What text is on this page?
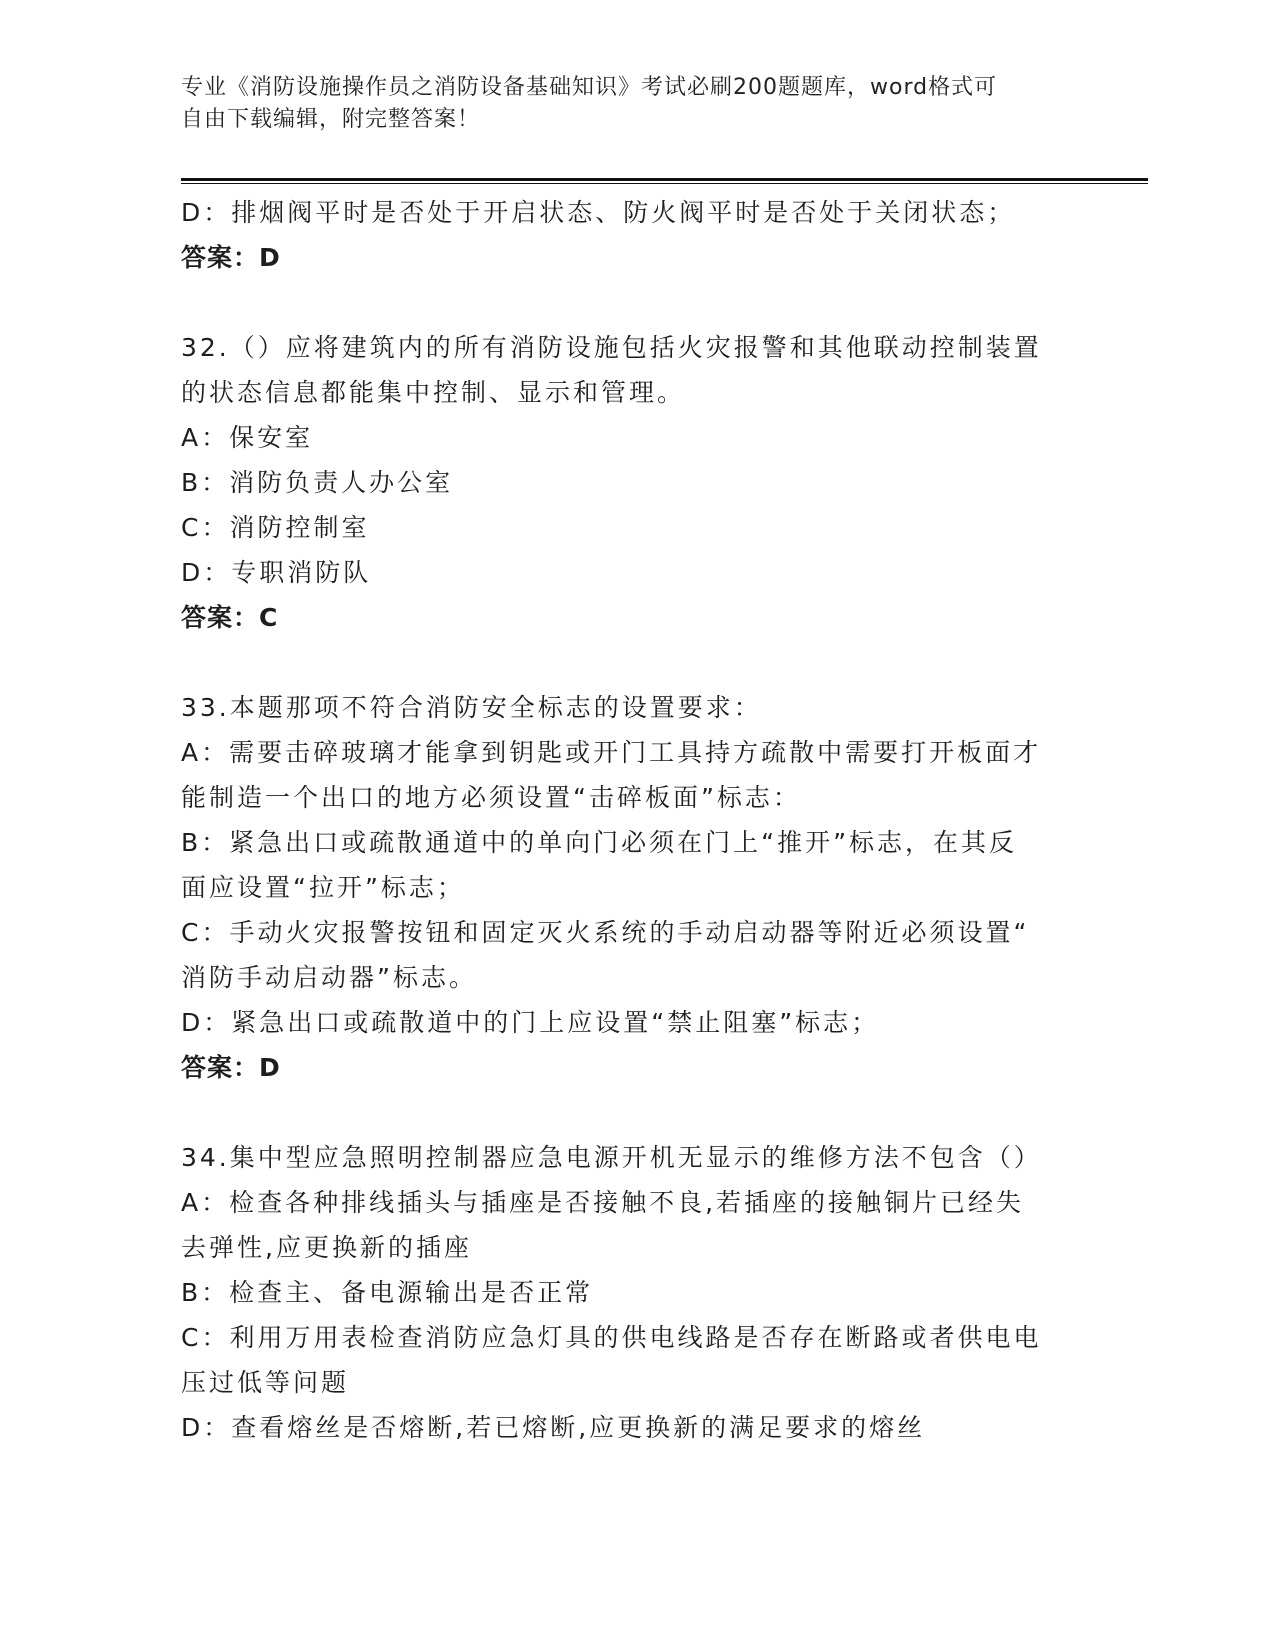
专业《消防设施操作员之消防设备基础知识》考试必刷200题题库，word格式可
自由下载编辑，附完整答案！

D：排烟阀平时是否处于开启状态、防火阀平时是否处于关闭状态；

答案：D

32.（）应将建筑内的所有消防设施包括火灾报警和其他联动控制装置

的状态信息都能集中控制、显示和管理。

A：保安室

B：消防负责人办公室

C：消防控制室

D：专职消防队

答案：C

33.本题那项不符合消防安全标志的设置要求：

A：需要击碎玻璃才能拿到钥匙或开门工具持方疏散中需要打开板面才

能制造一个出口的地方必须设置“击碎板面”标志：

B：紧急出口或疏散通道中的单向门必须在门上“推开”标志，在其反

面应设置“拉开”标志；

C：手动火灾报警按钮和固定灭火系统的手动启动器等附近必须设置“

消防手动启动器”标志。

D：紧急出口或疏散道中的门上应设置“禁止阻塞”标志；

答案：D

34.集中型应急照明控制器应急电源开机无显示的维修方法不包含（）

A：检查各种排线插头与插座是否接触不良,若插座的接触铜片已经失

去弹性,应更换新的插座

B：检查主、备电源输出是否正常

C：利用万用表检查消防应急灯具的供电线路是否存在断路或者供电电

压过低等问题

D：查看熔丝是否熔断,若已熔断,应更换新的满足要求的熔丝
